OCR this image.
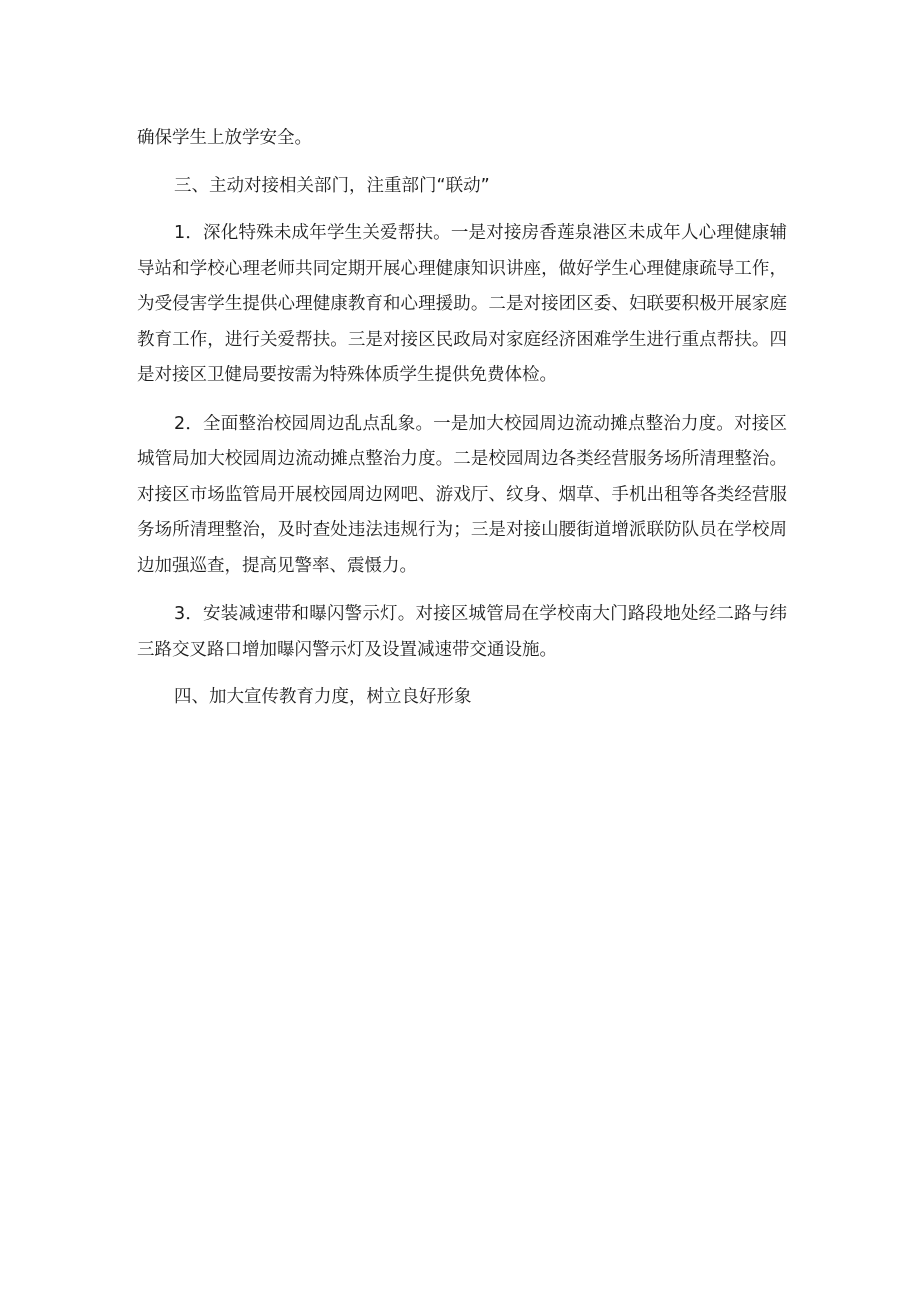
确保学生上放学安全。

三、主动对接相关部门，注重部门“联动”

1．深化特殊未成年学生关爱帮扶。一是对接房香莲泉港区未成年人心理健康辅导站和学校心理老师共同定期开展心理健康知识讲座，做好学生心理健康疏导工作，为受侵害学生提供心理健康教育和心理援助。二是对接团区委、妇联要积极开展家庭教育工作，进行关爱帮扶。三是对接区民政局对家庭经济困难学生进行重点帮扶。四是对接区卫健局要按需为特殊体质学生提供免费体检。

2．全面整治校园周边乱点乱象。一是加大校园周边流动摊点整治力度。对接区城管局加大校园周边流动摊点整治力度。二是校园周边各类经营服务场所清理整治。对接区市场监管局开展校园周边网吧、游戏厅、纹身、烟草、手机出租等各类经营服务场所清理整治，及时查处违法违规行为；三是对接山腰街道增派联防队员在学校周边加强巡查，提高见警率、震慑力。

3．安装减速带和曝闪警示灯。对接区城管局在学校南大门路段地处经二路与纬三路交叉路口增加曝闪警示灯及设置减速带交通设施。

四、加大宣传教育力度，树立良好形象
